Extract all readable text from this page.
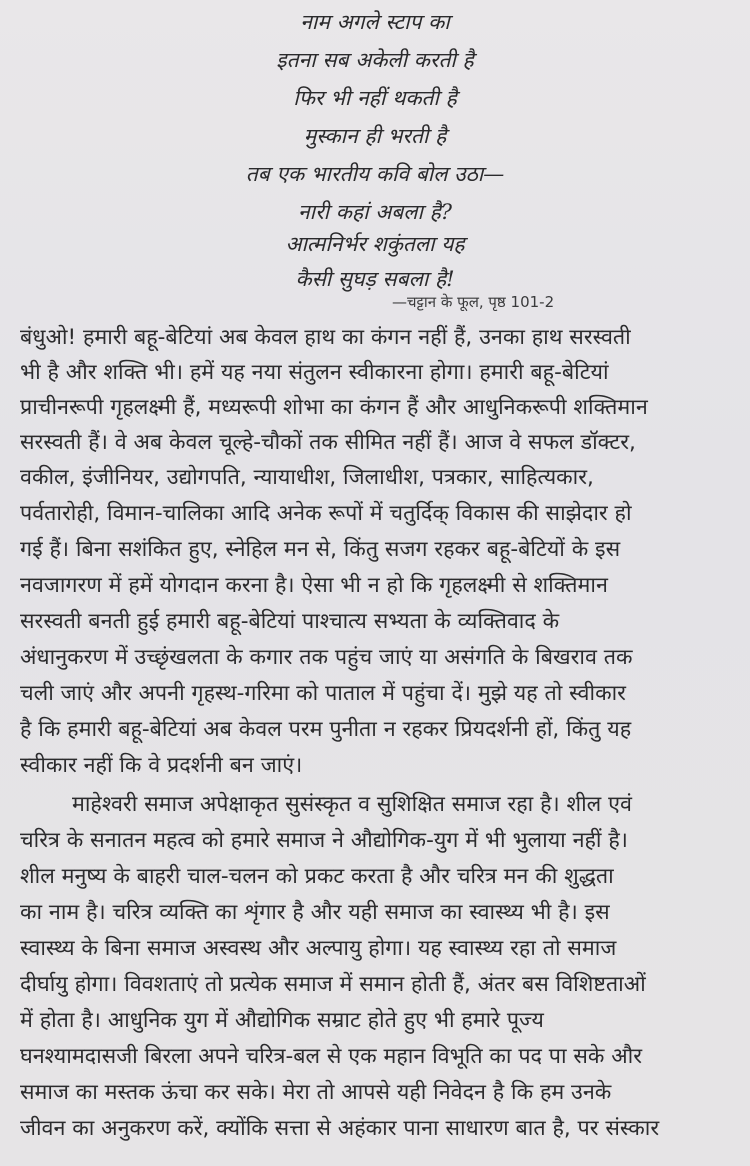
नाम अगले स्टाप का
इतना सब अकेली करती है
फिर भी नहीं थकती है
मुस्कान ही भरती है
तब एक भारतीय कवि बोल उठा—
नारी कहां अबला है?
आत्मनिर्भर शकुंतला यह
कैसी सुघड़ सबला है!
—चट्टान के फूल, पृष्ठ 101-2
बंधुओ! हमारी बहू-बेटियां अब केवल हाथ का कंगन नहीं हैं, उनका हाथ सरस्वती
भी है और शक्ति भी। हमें यह नया संतुलन स्वीकारना होगा। हमारी बहू-बेटियां
प्राचीनरूपी गृहलक्ष्मी हैं, मध्यरूपी शोभा का कंगन हैं और आधुनिकरूपी शक्तिमान
सरस्वती हैं। वे अब केवल चूल्हे-चौकों तक सीमित नहीं हैं। आज वे सफल डॉक्टर,
वकील, इंजीनियर, उद्योगपति, न्यायाधीश, जिलाधीश, पत्रकार, साहित्यकार,
पर्वतारोही, विमान-चालिका आदि अनेक रूपों में चतुर्दिक् विकास की साझेदार हो
गई हैं। बिना सशंकित हुए, स्नेहिल मन से, किंतु सजग रहकर बहू-बेटियों के इस
नवजागरण में हमें योगदान करना है। ऐसा भी न हो कि गृहलक्ष्मी से शक्तिमान
सरस्वती बनती हुई हमारी बहू-बेटियां पाश्चात्य सभ्यता के व्यक्तिवाद के
अंधानुकरण में उच्छृंखलता के कगार तक पहुंच जाएं या असंगति के बिखराव तक
चली जाएं और अपनी गृहस्थ-गरिमा को पाताल में पहुंचा दें। मुझे यह तो स्वीकार
है कि हमारी बहू-बेटियां अब केवल परम पुनीता न रहकर प्रियदर्शनी हों, किंतु यह
स्वीकार नहीं कि वे प्रदर्शनी बन जाएं।
माहेश्वरी समाज अपेक्षाकृत सुसंस्कृत व सुशिक्षित समाज रहा है। शील एवं
चरित्र के सनातन महत्व को हमारे समाज ने औद्योगिक-युग में भी भुलाया नहीं है।
शील मनुष्य के बाहरी चाल-चलन को प्रकट करता है और चरित्र मन की शुद्धता
का नाम है। चरित्र व्यक्ति का शृंगार है और यही समाज का स्वास्थ्य भी है। इस
स्वास्थ्य के बिना समाज अस्वस्थ और अल्पायु होगा। यह स्वास्थ्य रहा तो समाज
दीर्घायु होगा। विवशताएं तो प्रत्येक समाज में समान होती हैं, अंतर बस विशिष्टताओं
में होता है। आधुनिक युग में औद्योगिक सम्राट होते हुए भी हमारे पूज्य
घनश्यामदासजी बिरला अपने चरित्र-बल से एक महान विभूति का पद पा सके और
समाज का मस्तक ऊंचा कर सके। मेरा तो आपसे यही निवेदन है कि हम उनके
जीवन का अनुकरण करें, क्योंकि सत्ता से अहंकार पाना साधारण बात है, पर संस्कार
